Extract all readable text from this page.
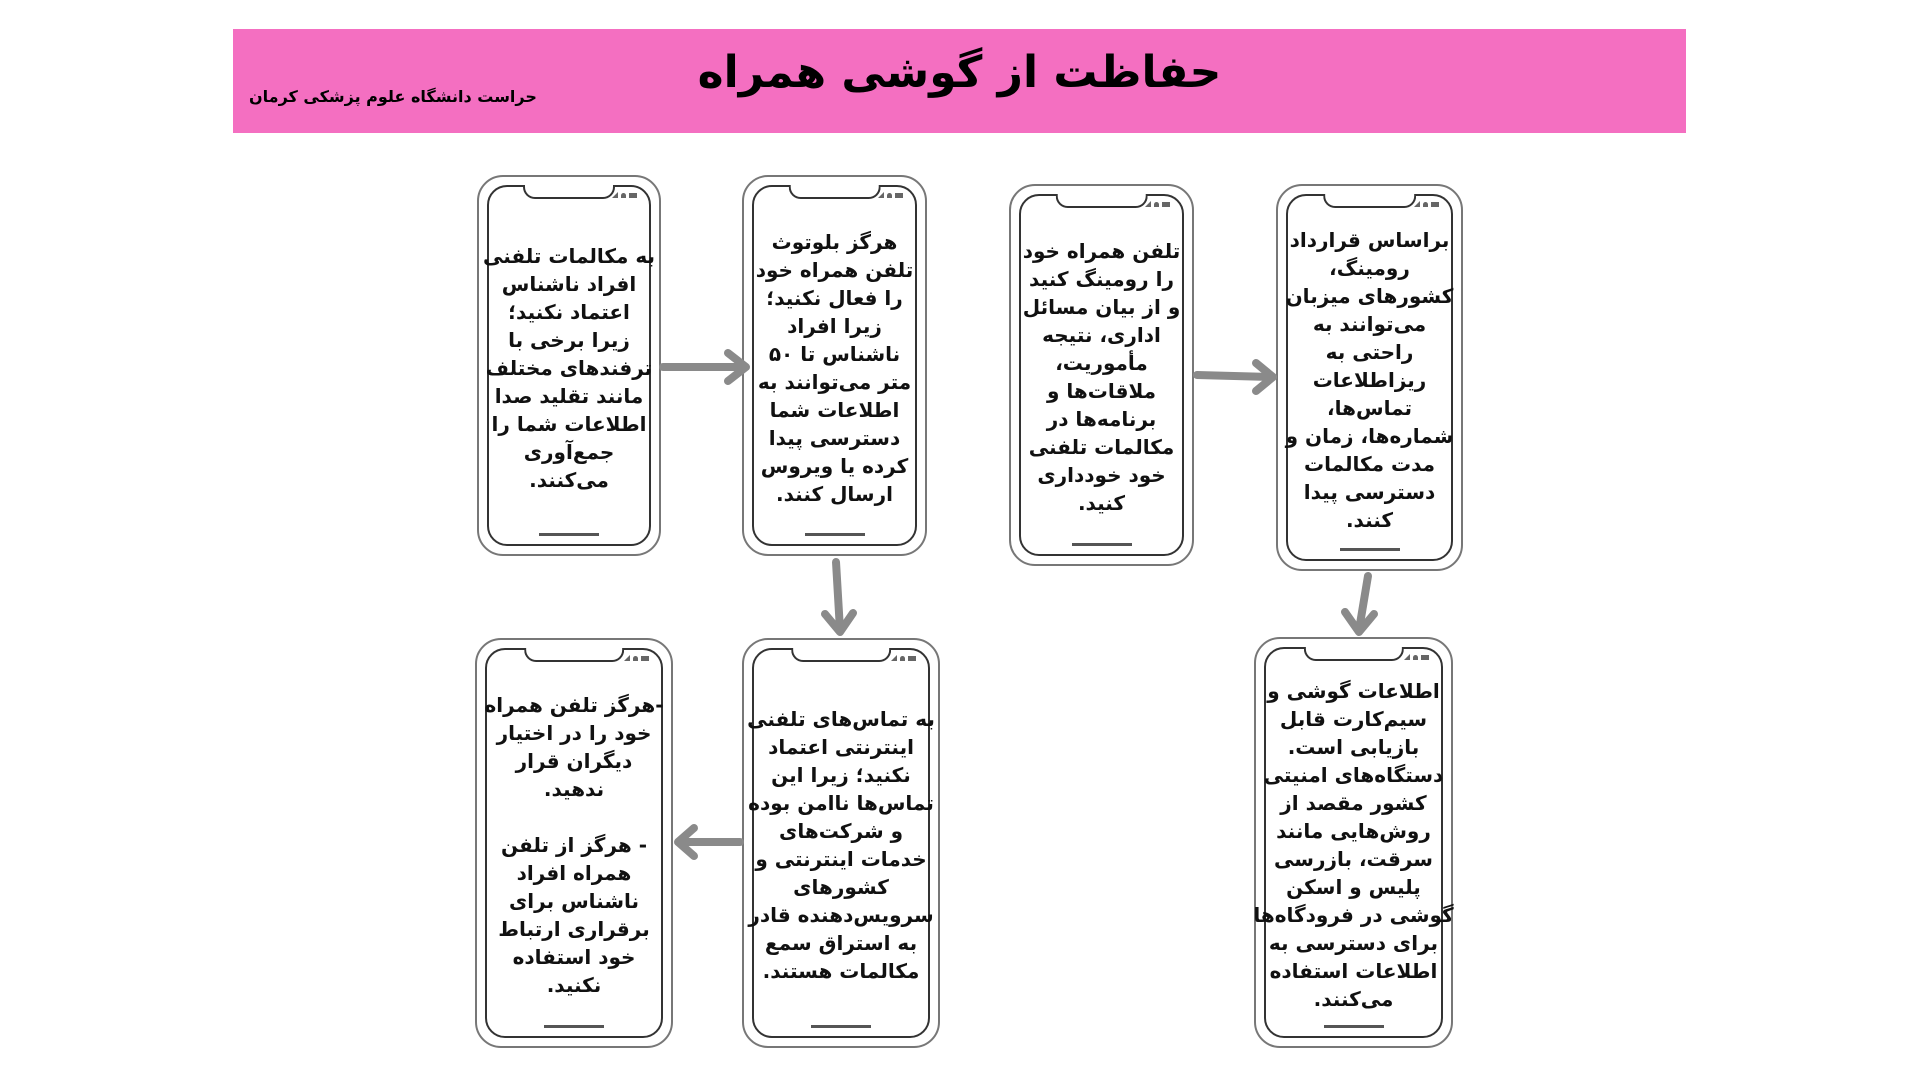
حفاظت از گوشی همراه
حراست دانشگاه علوم پزشکی کرمان
به مکالمات تلفنی
افراد ناشناس
اعتماد نکنید؛
زیرا برخی با
ترفندهای مختلف
مانند تقلید صدا
اطلاعات شما را
جمع‌آوری
می‌کنند.
هرگز بلوتوث
تلفن همراه خود
را فعال نکنید؛
زیرا افراد
ناشناس تا ۵۰
متر می‌توانند به
اطلاعات شما
دسترسی پیدا
کرده یا ویروس
ارسال کنند.
تلفن همراه خود
را رومینگ کنید
و از بیان مسائل
اداری، نتیجه
مأموریت،
ملاقات‌ها و
برنامه‌ها در
مکالمات تلفنی
خود خودداری
کنید.
براساس قرارداد
رومینگ،
کشورهای میزبان
می‌توانند به
راحتی به
ریزاطلاعات
تماس‌ها،
شماره‌ها، زمان و
مدت مکالمات
دسترسی پیدا
کنند.
-هرگز تلفن همراه
خود را در اختیار
دیگران قرار
ندهید.

- هرگز از تلفن
همراه افراد
ناشناس برای
برقراری ارتباط
خود استفاده
نکنید.
به تماس‌های تلفنی
اینترنتی اعتماد
نکنید؛ زیرا این
تماس‌ها ناامن بوده
و شرکت‌های
خدمات اینترنتی و
کشورهای
سرویس‌دهنده قادر
به استراق سمع
مکالمات هستند.
اطلاعات گوشی و
سیم‌کارت قابل
بازیابی است.
دستگاه‌های امنیتی
کشور مقصد از
روش‌هایی مانند
سرقت، بازرسی
پلیس و اسکن
گوشی در فرودگاه‌ها
برای دسترسی به
اطلاعات استفاده
می‌کنند.
